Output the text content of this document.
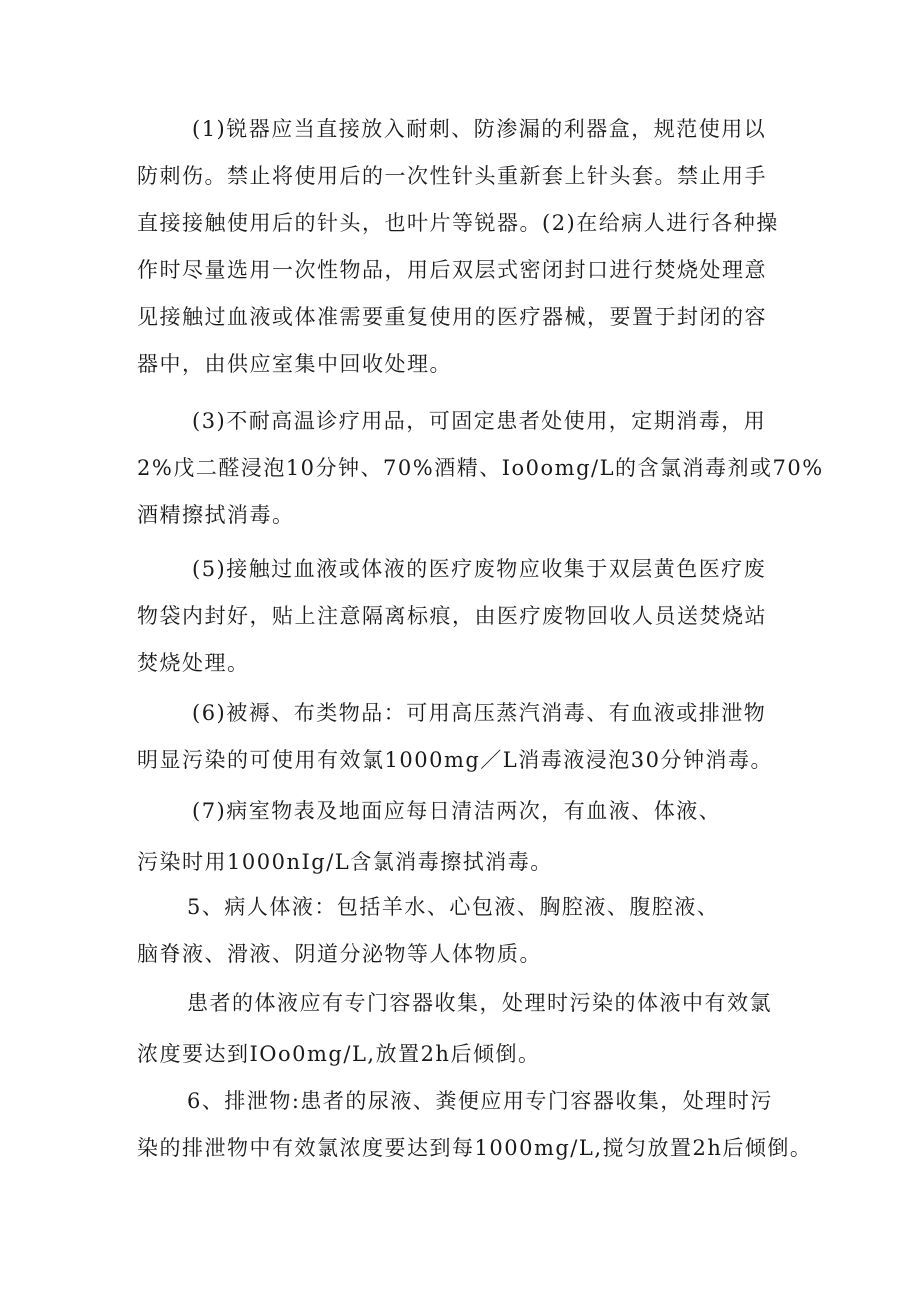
(1)锐器应当直接放入耐刺、防渗漏的利器盒，规范使用以
防刺伤。禁止将使用后的一次性针头重新套上针头套。禁止用手
直接接触使用后的针头，也叶片等锐器。(2)在给病人进行各种操
作时尽量选用一次性物品，用后双层式密闭封口进行焚烧处理意
见接触过血液或体准需要重复使用的医疗器械，要置于封闭的容
器中，由供应室集中回收处理。
(3)不耐高温诊疗用品，可固定患者处使用，定期消毒，用
2%戊二醛浸泡10分钟、70%酒精、Io0omg/L的含氯消毒剂或70%
酒精擦拭消毒。
(5)接触过血液或体液的医疗废物应收集于双层黄色医疗废
物袋内封好，贴上注意隔离标痕，由医疗废物回收人员送焚烧站
焚烧处理。
(6)被褥、布类物品：可用高压蒸汽消毒、有血液或排泄物
明显污染的可使用有效氯1000mg／L消毒液浸泡30分钟消毒。
(7)病室物表及地面应每日清洁两次，有血液、体液、
污染时用1000nIg/L含氯消毒擦拭消毒。
5、病人体液：包括羊水、心包液、胸腔液、腹腔液、
脑脊液、滑液、阴道分泌物等人体物质。
患者的体液应有专门容器收集，处理时污染的体液中有效氯
浓度要达到IOo0mg/L,放置2h后倾倒。
6、排泄物:患者的尿液、粪便应用专门容器收集，处理时污
染的排泄物中有效氯浓度要达到每1000mg/L,搅匀放置2h后倾倒。
